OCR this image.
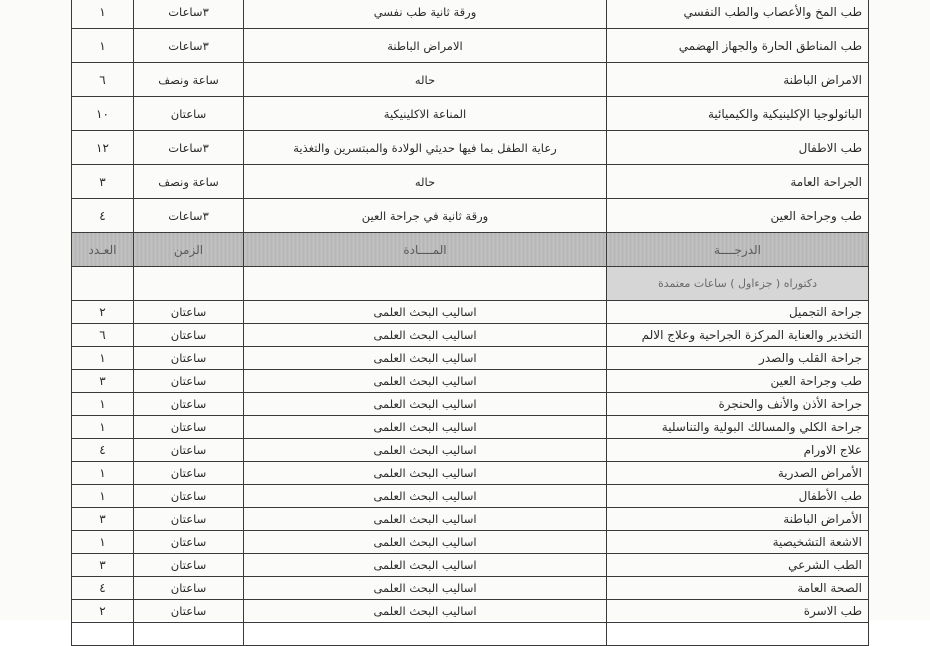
طب المخ والأعصاب والطب النفسي	ورقة ثانية طب نفسي	٣ساعات	١
طب المناطق الحارة والجهاز الهضمي	الامراض الباطنة	٣ساعات	١
الامراض الباطنة	حاله	ساعة ونصف	٦
الباثولوجيا الإكلينيكية والكيميائية	المناعة الاكلينيكية	ساعتان	١٠
طب الاطفال	رعاية الطفل بما فيها حديثي الولادة والمبتسرين والتغذية	٣ساعات	١٢
الجراحة العامة	حاله	ساعة ونصف	٣
طب وجراحة العين	ورقة ثانية في جراحة العين	٣ساعات	٤
الدرجــــة	المــــادة	الزمن	العـدد
دكتوراه ( جزءاول ) ساعات معتمدة			
جراحة التجميل	اساليب البحث العلمى	ساعتان	٢
التخدير والعناية المركزة الجراحية وعلاج الالم	اساليب البحث العلمى	ساعتان	٦
جراحة القلب والصدر	اساليب البحث العلمى	ساعتان	١
طب وجراحة العين	اساليب البحث العلمى	ساعتان	٣
جراحة الأذن والأنف والحنجرة	اساليب البحث العلمى	ساعتان	١
جراحة الكلي والمسالك البولية والتناسلية	اساليب البحث العلمى	ساعتان	١
علاج الاورام	اساليب البحث العلمى	ساعتان	٤
الأمراض الصدرية	اساليب البحث العلمى	ساعتان	١
طب الأطفال	اساليب البحث العلمى	ساعتان	١
الأمراض الباطنة	اساليب البحث العلمى	ساعتان	٣
الاشعة التشخيصية	اساليب البحث العلمى	ساعتان	١
الطب الشرعي	اساليب البحث العلمى	ساعتان	٣
الصحة العامة	اساليب البحث العلمى	ساعتان	٤
طب الاسرة	اساليب البحث العلمى	ساعتان	٢
